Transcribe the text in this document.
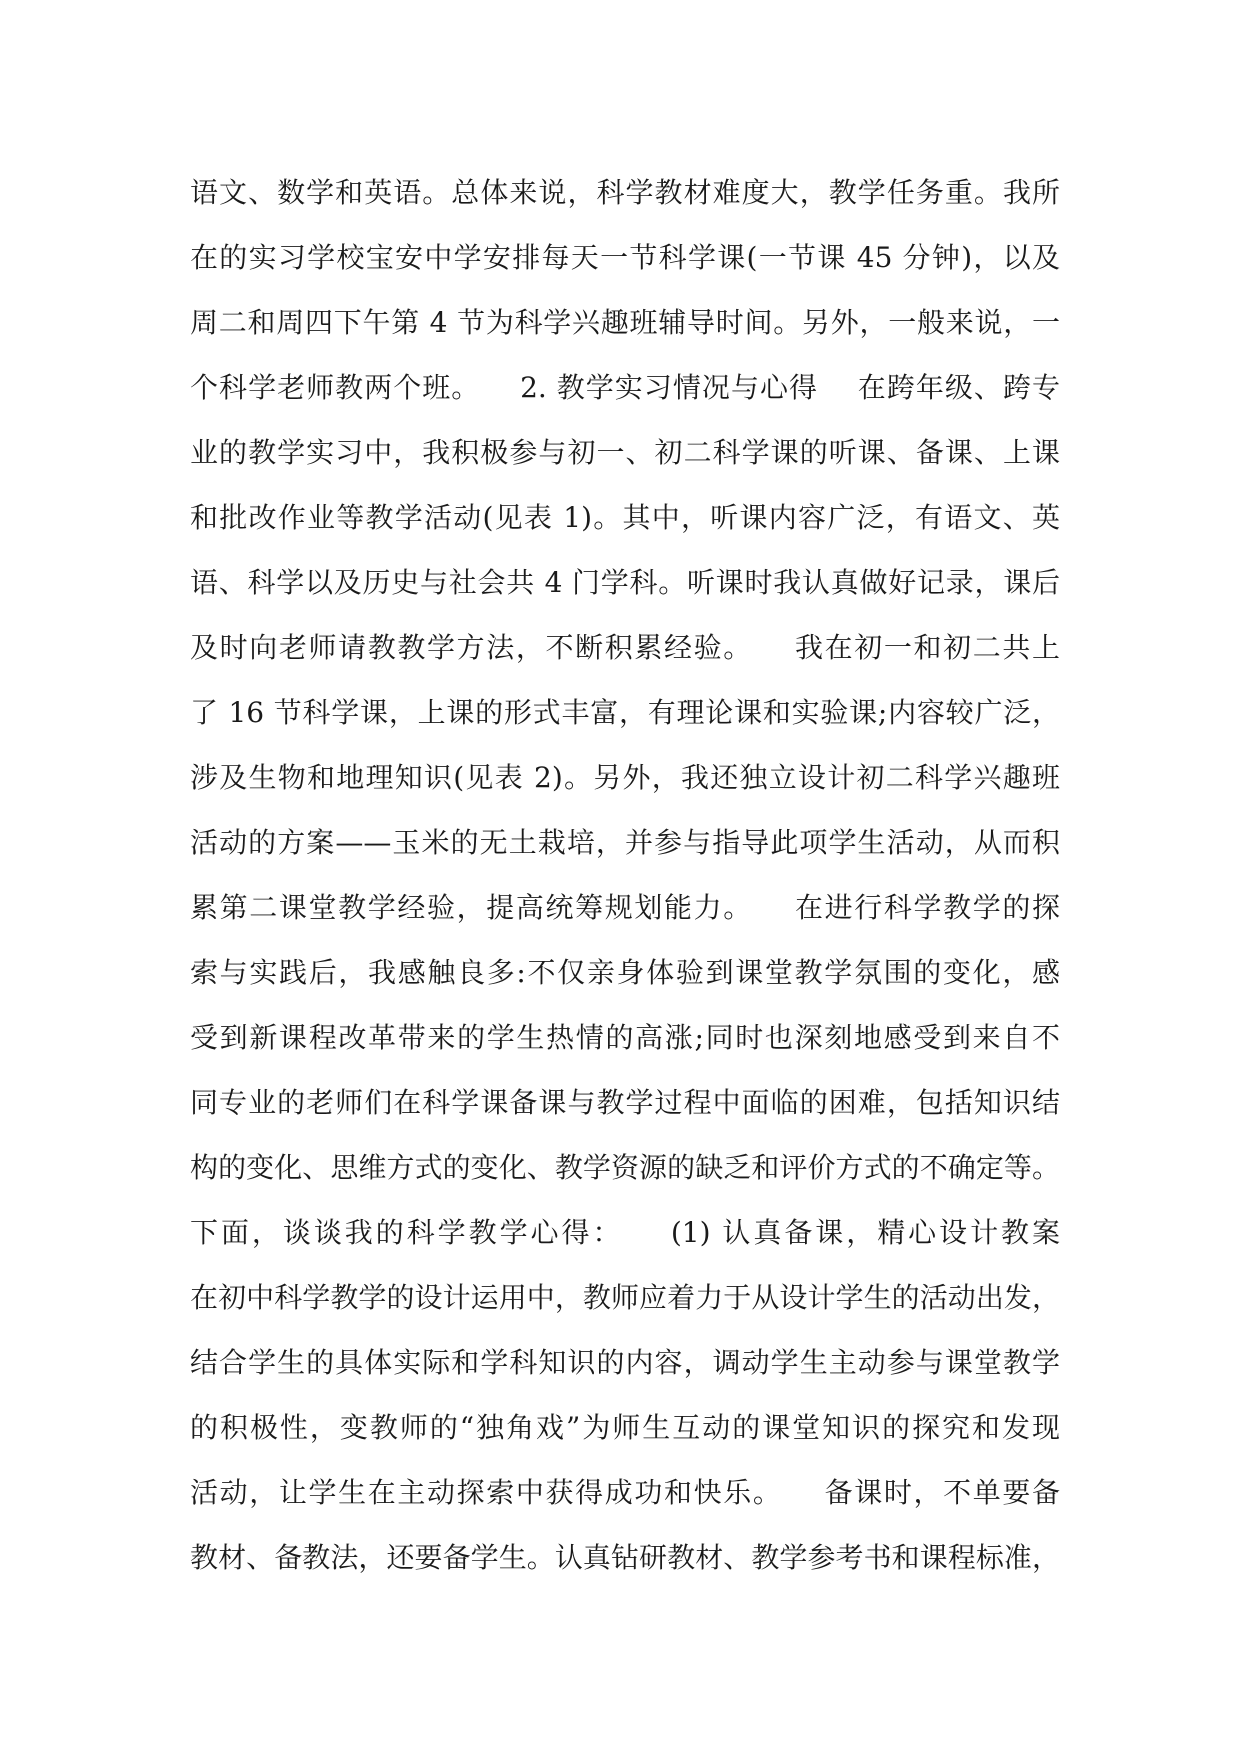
语文、数学和英语。总体来说，科学教材难度大，教学任务重。我所
在的实习学校宝安中学安排每天一节科学课(一节课 45 分钟)，以及
周二和周四下午第 4 节为科学兴趣班辅导时间。另外，一般来说，一
个科学老师教两个班。    2. 教学实习情况与心得    在跨年级、跨专
业的教学实习中，我积极参与初一、初二科学课的听课、备课、上课
和批改作业等教学活动(见表 1)。其中，听课内容广泛，有语文、英
语、科学以及历史与社会共 4 门学科。听课时我认真做好记录，课后
及时向老师请教教学方法，不断积累经验。    我在初一和初二共上
了 16 节科学课，上课的形式丰富，有理论课和实验课;内容较广泛，
涉及生物和地理知识(见表 2)。另外，我还独立设计初二科学兴趣班
活动的方案——玉米的无土栽培，并参与指导此项学生活动，从而积
累第二课堂教学经验，提高统筹规划能力。    在进行科学教学的探
索与实践后，我感触良多:不仅亲身体验到课堂教学氛围的变化，感
受到新课程改革带来的学生热情的高涨;同时也深刻地感受到来自不
同专业的老师们在科学课备课与教学过程中面临的困难，包括知识结
构的变化、思维方式的变化、教学资源的缺乏和评价方式的不确定等。
下面，谈谈我的科学教学心得：    (1) 认真备课，精心设计教案
在初中科学教学的设计运用中，教师应着力于从设计学生的活动出发，
结合学生的具体实际和学科知识的内容，调动学生主动参与课堂教学
的积极性，变教师的“独角戏”为师生互动的课堂知识的探究和发现
活动，让学生在主动探索中获得成功和快乐。    备课时，不单要备
教材、备教法，还要备学生。认真钻研教材、教学参考书和课程标准，
